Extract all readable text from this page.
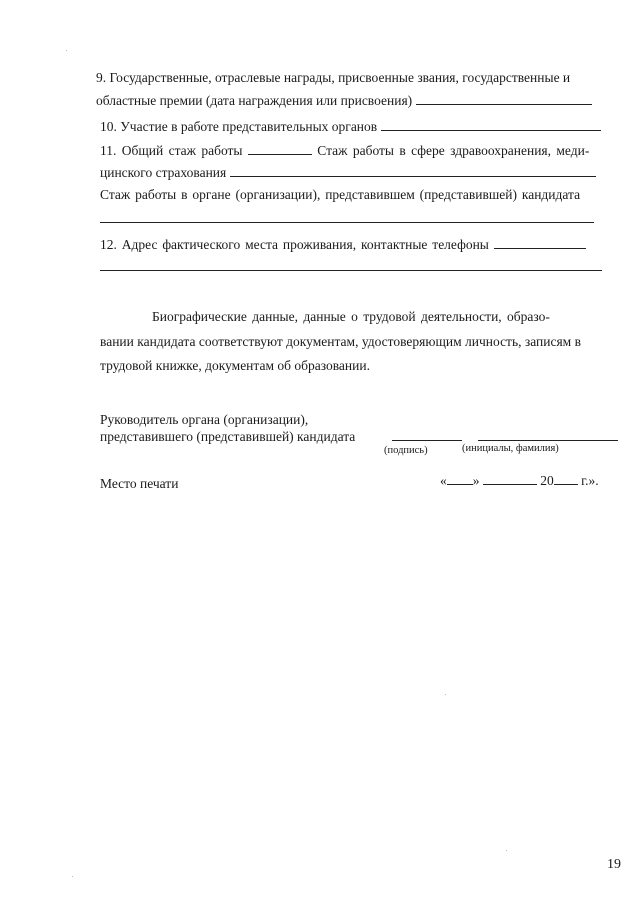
9. Государственные, отраслевые награды, присвоенные звания, государственные и
областные премии (дата награждения или присвоения)
10. Участие в работе представительных органов
11. Общий стаж работы	Стаж работы в сфере здравоохранения, меди-
цинского страхования
Стаж работы в органе (организации), представившем (представившей) кандидата
12. Адрес фактического места проживания, контактные телефоны
Биографические данные, данные о трудовой деятельности, образо-
вании кандидата соответствуют документам, удостоверяющим личность, записям в
трудовой книжке, документам об образовании.
Руководитель органа (организации),
представившего (представившей) кандидата
(подпись)	(инициалы, фамилия)
Место печати	« »	20 г.».
19
